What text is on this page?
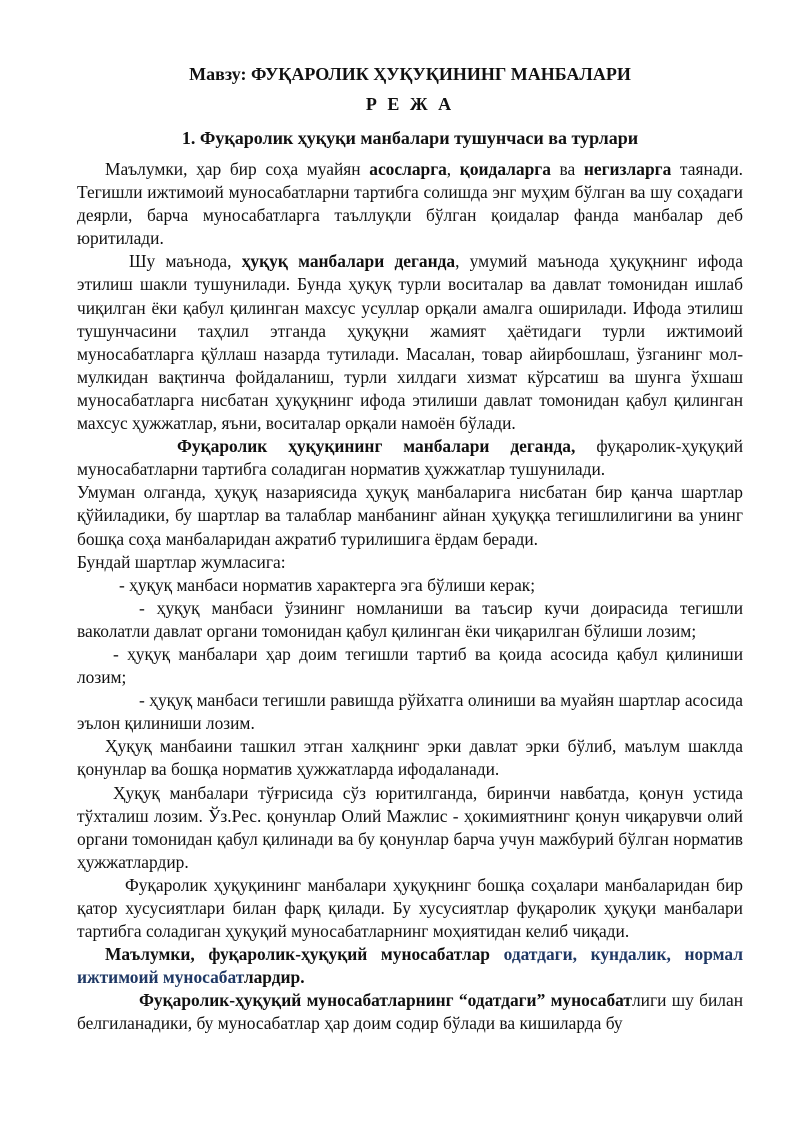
Мавзу: ФУҚАРОЛИК ҲУҚУҚИНИНГ МАНБАЛАРИ
Р Е Ж А
1. Фуқаролик ҳуқуқи манбалари тушунчаси ва турлари

Маълумки, ҳар бир соҳа муайян асосларга, қоидаларга ва негизларга таянади. Тегишли ижтимоий муносабатларни тартибга солишда энг муҳим бўлган ва шу соҳадаги деярли, барча муносабатларга таъллуқли бўлган қоидалар фанда манбалар деб юритилади.

Шу маънода, ҳуқуқ манбалари деганда, умумий маънода ҳуқуқнинг ифода этилиш шакли тушунилади. Бунда ҳуқуқ турли воситалар ва давлат томонидан ишлаб чиқилган ёки қабул қилинган махсус усуллар орқали амалга оширилади. Ифода этилиш тушунчасини таҳлил этганда ҳуқуқни жамият ҳаётидаги турли ижтимоий муносабатларга қўллаш назарда тутилади. Масалан, товар айирбошлаш, ўзганинг мол-мулкидан вақтинча фойдаланиш, турли хилдаги хизмат кўрсатиш ва шунга ўхшаш муносабатларга нисбатан ҳуқуқнинг ифода этилиши давлат томонидан қабул қилинган махсус ҳужжатлар, яъни, воситалар орқали намоён бўлади.

Фуқаролик ҳуқуқининг манбалари деганда, фуқаролик-ҳуқуқий муносабатларни тартибга соладиган норматив ҳужжатлар тушунилади.

Умуман олганда, ҳуқуқ назариясида ҳуқуқ манбаларига нисбатан бир қанча шартлар қўйиладики, бу шартлар ва талаблар манбанинг айнан ҳуқуққа тегишлилигини ва унинг бошқа соҳа манбаларидан ажратиб турилишига ёрдам беради.

Бундай шартлар жумласига:

- ҳуқуқ манбаси норматив характерга эга бўлиши керак;

- ҳуқуқ манбаси ўзининг номланиши ва таъсир кучи доирасида тегишли ваколатли давлат органи томонидан қабул қилинган ёки чиқарилган бўлиши лозим;

- ҳуқуқ манбалари ҳар доим тегишли тартиб ва қоида асосида қабул қилиниши лозим;

- ҳуқуқ манбаси тегишли равишда рўйхатга олиниши ва муайян шартлар асосида эълон қилиниши лозим.

Ҳуқуқ манбаини ташкил этган халқнинг эрки давлат эрки бўлиб, маълум шаклда қонунлар ва бошқа норматив ҳужжатларда ифодаланади.

Ҳуқуқ манбалари тўғрисида сўз юритилганда, биринчи навбатда, қонун устида тўхталиш лозим. Ўз.Рес. қонунлар Олий Мажлис - ҳокимиятнинг қонун чиқарувчи олий органи томонидан қабул қилинади ва бу қонунлар барча учун мажбурий бўлган норматив ҳужжатлардир.

Фуқаролик ҳуқуқининг манбалари ҳуқуқнинг бошқа соҳалари манбаларидан бир қатор хусусиятлари билан фарқ қилади. Бу хусусиятлар фуқаролик ҳуқуқи манбалари тартибга соладиган ҳуқуқий муносабатларнинг моҳиятидан келиб чиқади.

Маълумки, фуқаролик-ҳуқуқий муносабатлар одатдаги, кундалик, нормал ижтимоий муносабатлардир.

Фуқаролик-ҳуқуқий муносабатларнинг “одатдаги” муносабатлиги шу билан белгиланадики, бу муносабатлар ҳар доим содир бўлади ва кишиларда бу
